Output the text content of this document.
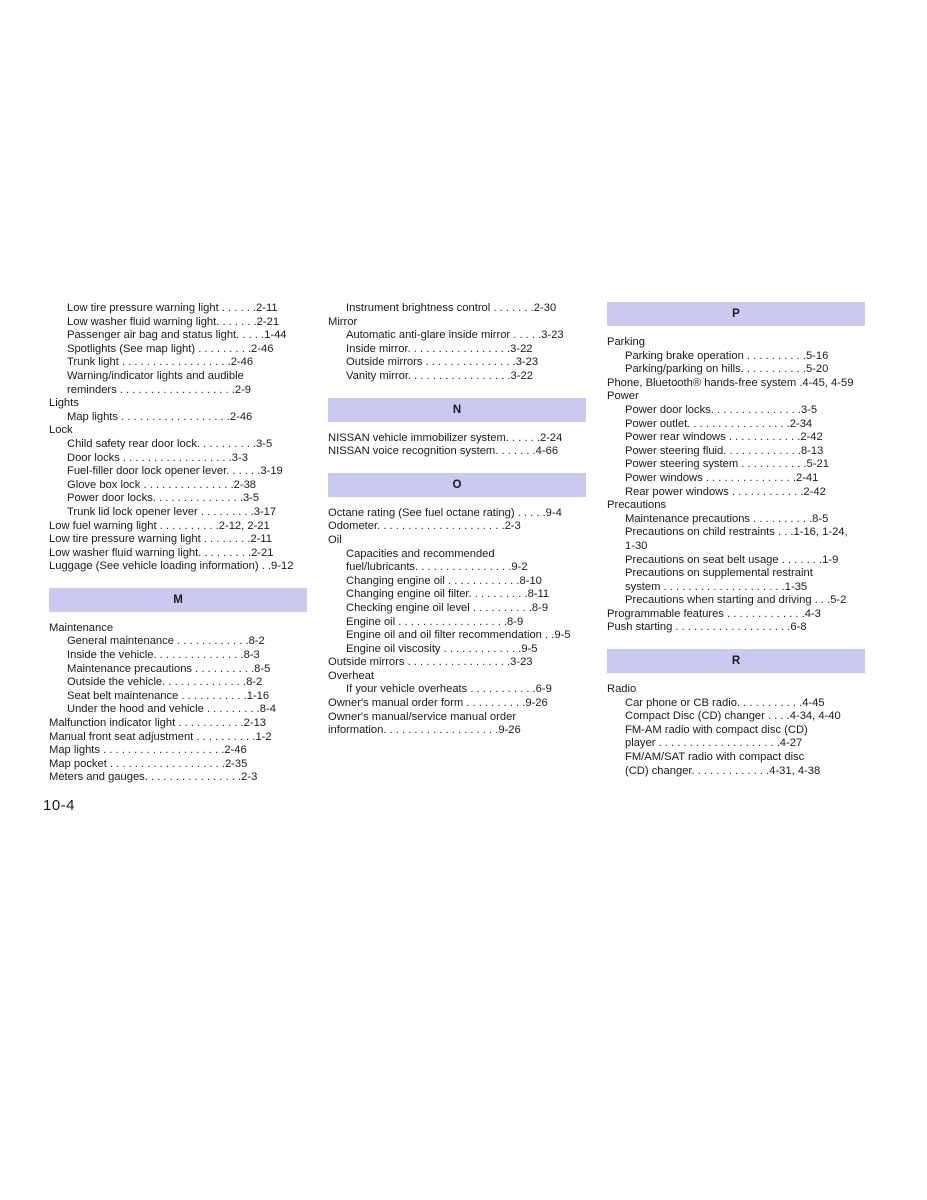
Low tire pressure warning light . . . . . .2-11
Low washer fluid warning light. . . . . . .2-21
Passenger air bag and status light. . . . .1-44
Spotlights (See map light) . . . . . . . . .2-46
Trunk light . . . . . . . . . . . . . . . . . .2-46
Warning/indicator lights and audible
reminders . . . . . . . . . . . . . . . . . . .2-9
Lights
Map lights . . . . . . . . . . . . . . . . . .2-46
Lock
Child safety rear door lock. . . . . . . . . .3-5
Door locks . . . . . . . . . . . . . . . . . .3-3
Fuel-filler door lock opener lever. . . . . .3-19
Glove box lock . . . . . . . . . . . . . . .2-38
Power door locks. . . . . . . . . . . . . . .3-5
Trunk lid lock opener lever . . . . . . . . .3-17
Low fuel warning light . . . . . . . . . .2-12, 2-21
Low tire pressure warning light . . . . . . . .2-11
Low washer fluid warning light. . . . . . . . .2-21
Luggage (See vehicle loading information) . .9-12
M
Maintenance
General maintenance . . . . . . . . . . . .8-2
Inside the vehicle. . . . . . . . . . . . . . .8-3
Maintenance precautions . . . . . . . . . .8-5
Outside the vehicle. . . . . . . . . . . . . .8-2
Seat belt maintenance . . . . . . . . . . .1-16
Under the hood and vehicle . . . . . . . . .8-4
Malfunction indicator light . . . . . . . . . . .2-13
Manual front seat adjustment . . . . . . . . . .1-2
Map lights . . . . . . . . . . . . . . . . . . . .2-46
Map pocket . . . . . . . . . . . . . . . . . . .2-35
Meters and gauges. . . . . . . . . . . . . . . .2-3
Instrument brightness control . . . . . . .2-30
Mirror
Automatic anti-glare inside mirror . . . . .3-23
Inside mirror. . . . . . . . . . . . . . . . .3-22
Outside mirrors . . . . . . . . . . . . . . .3-23
Vanity mirror. . . . . . . . . . . . . . . . .3-22
N
NISSAN vehicle immobilizer system. . . . . .2-24
NISSAN voice recognition system. . . . . . .4-66
O
Octane rating (See fuel octane rating) . . . . .9-4
Odometer. . . . . . . . . . . . . . . . . . . . .2-3
Oil
Capacities and recommended
fuel/lubricants. . . . . . . . . . . . . . . .9-2
Changing engine oil . . . . . . . . . . . .8-10
Changing engine oil filter. . . . . . . . . .8-11
Checking engine oil level . . . . . . . . . .8-9
Engine oil . . . . . . . . . . . . . . . . . .8-9
Engine oil and oil filter recommendation . .9-5
Engine oil viscosity . . . . . . . . . . . . .9-5
Outside mirrors . . . . . . . . . . . . . . . . .3-23
Overheat
If your vehicle overheats . . . . . . . . . . .6-9
Owner's manual order form . . . . . . . . . .9-26
Owner's manual/service manual order
information. . . . . . . . . . . . . . . . . . .9-26
P
Parking
Parking brake operation . . . . . . . . . .5-16
Parking/parking on hills. . . . . . . . . . .5-20
Phone, Bluetooth® hands-free system .4-45, 4-59
Power
Power door locks. . . . . . . . . . . . . . .3-5
Power outlet. . . . . . . . . . . . . . . . .2-34
Power rear windows . . . . . . . . . . . .2-42
Power steering fluid. . . . . . . . . . . . .8-13
Power steering system . . . . . . . . . . .5-21
Power windows . . . . . . . . . . . . . . .2-41
Rear power windows . . . . . . . . . . . .2-42
Precautions
Maintenance precautions . . . . . . . . . .8-5
Precautions on child restraints . . .1-16, 1-24,
1-30
Precautions on seat belt usage . . . . . . .1-9
Precautions on supplemental restraint
system . . . . . . . . . . . . . . . . . . . .1-35
Precautions when starting and driving . . .5-2
Programmable features . . . . . . . . . . . . .4-3
Push starting . . . . . . . . . . . . . . . . . . .6-8
R
Radio
Car phone or CB radio. . . . . . . . . . .4-45
Compact Disc (CD) changer . . . .4-34, 4-40
FM-AM radio with compact disc (CD)
player . . . . . . . . . . . . . . . . . . . .4-27
FM/AM/SAT radio with compact disc
(CD) changer. . . . . . . . . . . . .4-31, 4-38
10-4
